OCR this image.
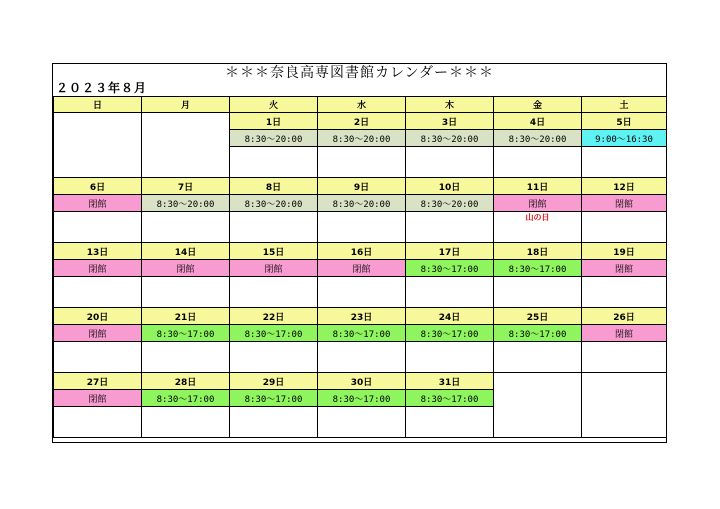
＊＊＊奈良高専図書館カレンダー＊＊＊
２０２３年８月
日	月	火	水	木	金	土
		1日	2日	3日	4日	5日
		8:30～20:00	8:30～20:00	8:30～20:00	8:30～20:00	9:00～16:30

6日	7日	8日	9日	10日	11日	12日
閉館	8:30～20:00	8:30～20:00	8:30～20:00	8:30～20:00	閉館	閉館
					山の日	
13日	14日	15日	16日	17日	18日	19日
閉館	閉館	閉館	閉館	8:30～17:00	8:30～17:00	閉館

20日	21日	22日	23日	24日	25日	26日
閉館	8:30～17:00	8:30～17:00	8:30～17:00	8:30～17:00	8:30～17:00	閉館

27日	28日	29日	30日	31日		
閉館	8:30～17:00	8:30～17:00	8:30～17:00	8:30～17:00		
